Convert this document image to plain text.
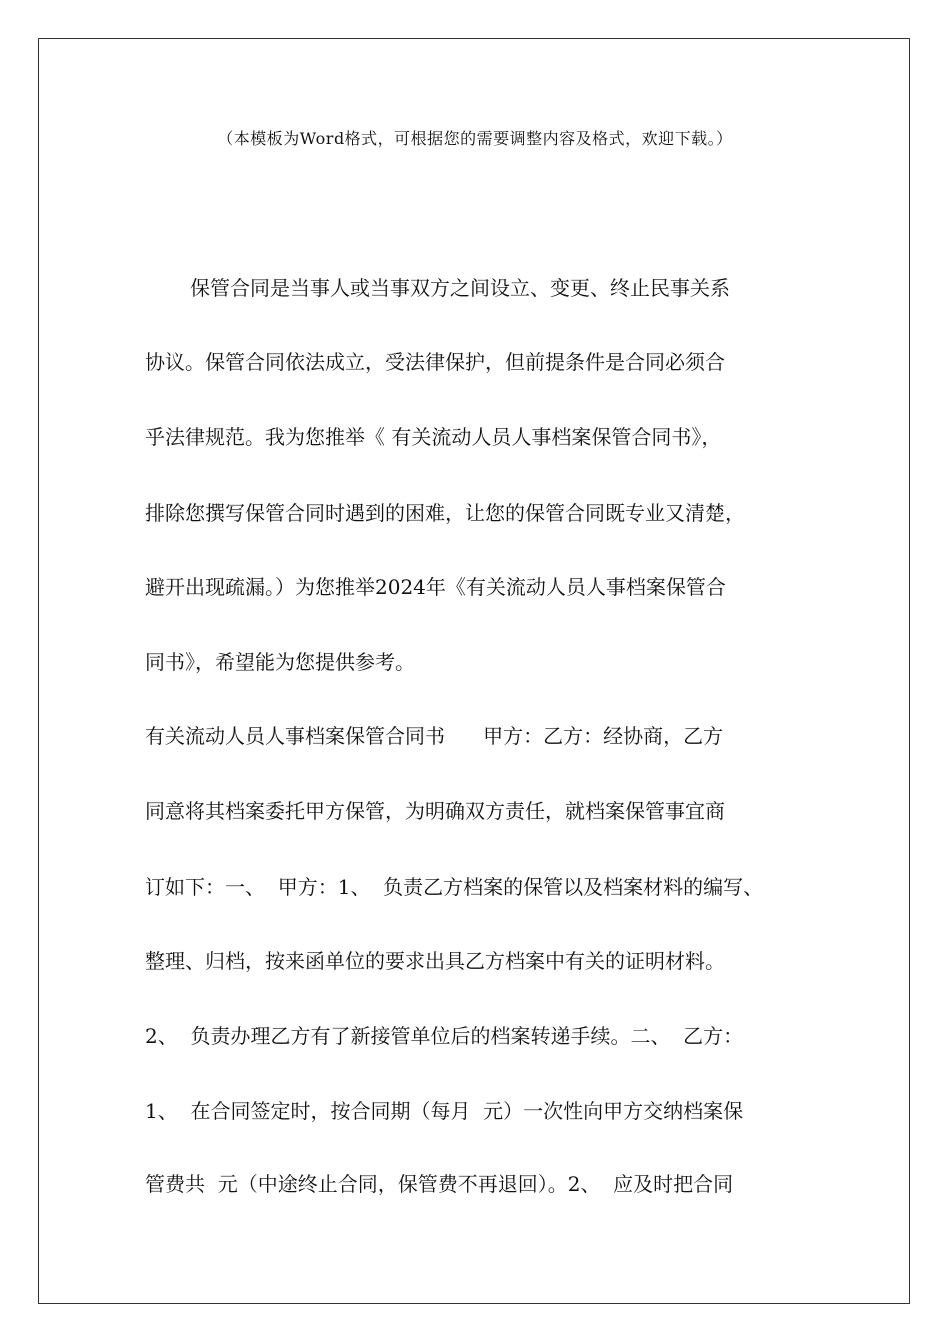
（本模板为Word格式，可根据您的需要调整内容及格式，欢迎下载。）
保管合同是当事人或当事双方之间设立、变更、终止民事关系
协议。保管合同依法成立，受法律保护，但前提条件是合同必须合
乎法律规范。我为您推举《 有关流动人员人事档案保管合同书》，
排除您撰写保管合同时遇到的困难，让您的保管合同既专业又清楚，
避开出现疏漏。）为您推举2024年《有关流动人员人事档案保管合
同书》，希望能为您提供参考。
有关流动人员人事档案保管合同书      甲方：乙方：经协商，乙方
同意将其档案委托甲方保管，为明确双方责任，就档案保管事宜商
订如下：一、  甲方：1、  负责乙方档案的保管以及档案材料的编写、
整理、归档，按来函单位的要求出具乙方档案中有关的证明材料。
2、  负责办理乙方有了新接管单位后的档案转递手续。二、  乙方：
1、  在合同签定时，按合同期（每月  元）一次性向甲方交纳档案保
管费共  元（中途终止合同，保管费不再退回）。2、  应及时把合同
